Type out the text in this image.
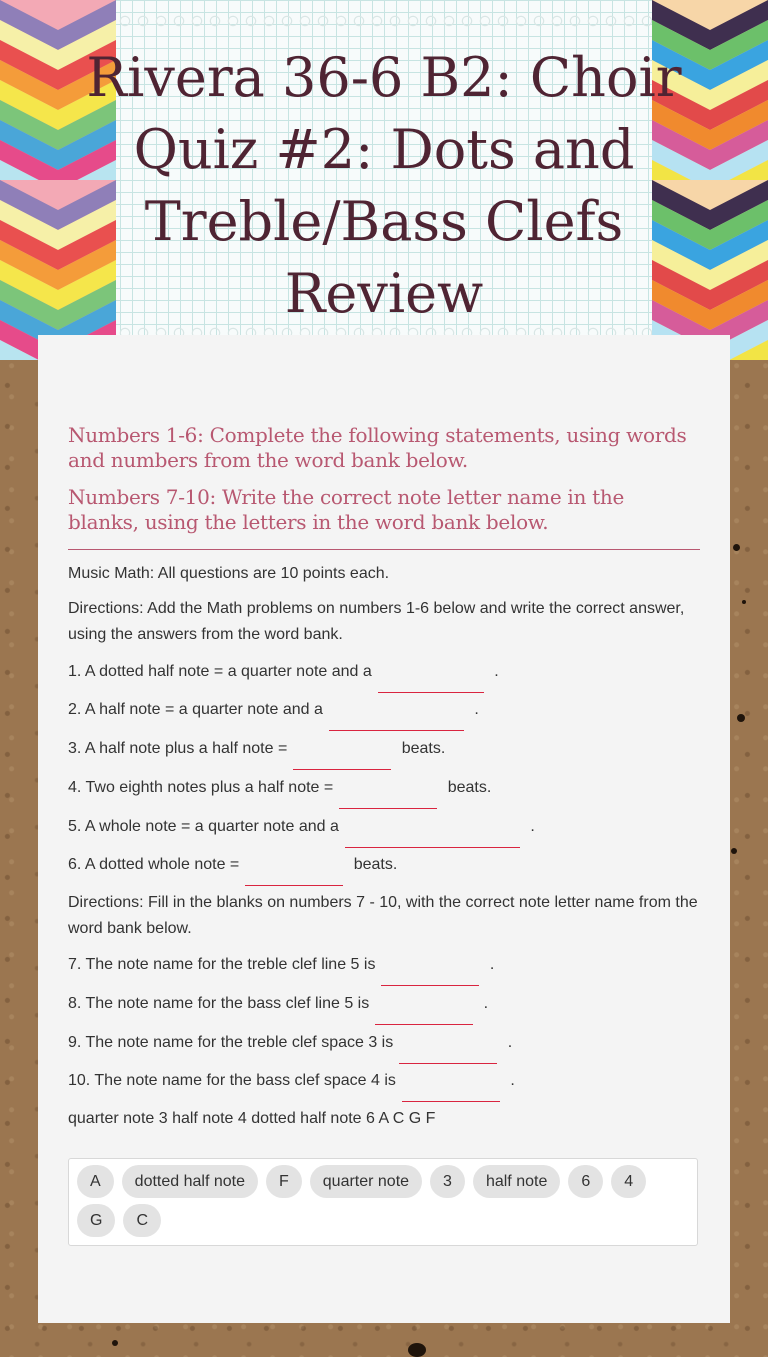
Rivera 36-6 B2: Choir Quiz #2: Dots and Treble/Bass Clefs Review

Numbers 1-6: Complete the following statements, using words and numbers from the word bank below.

Numbers 7-10: Write the correct note letter name in the blanks, using the letters in the word bank below.

Music Math: All questions are 10 points each.
Directions: Add the Math problems on numbers 1-6 below and write the correct answer, using the answers from the word bank.
1. A dotted half note = a quarter note and a	.
2. A half note = a quarter note and a	.
3. A half note plus a half note =	beats.
4. Two eighth notes plus a half note =	beats.
5. A whole note = a quarter note and a	.
6. A dotted whole note =	beats.
Directions: Fill in the blanks on numbers 7 - 10, with the correct note letter name from the word bank below.
7. The note name for the treble clef line 5 is	.
8. The note name for the bass clef line 5 is	.
9. The note name for the treble clef space 3 is	.
10. The note name for the bass clef space 4 is	.
quarter note 3 half note 4 dotted half note 6 A C G F
A	dotted half note	F	quarter note	3	half note	6	4
G	C
